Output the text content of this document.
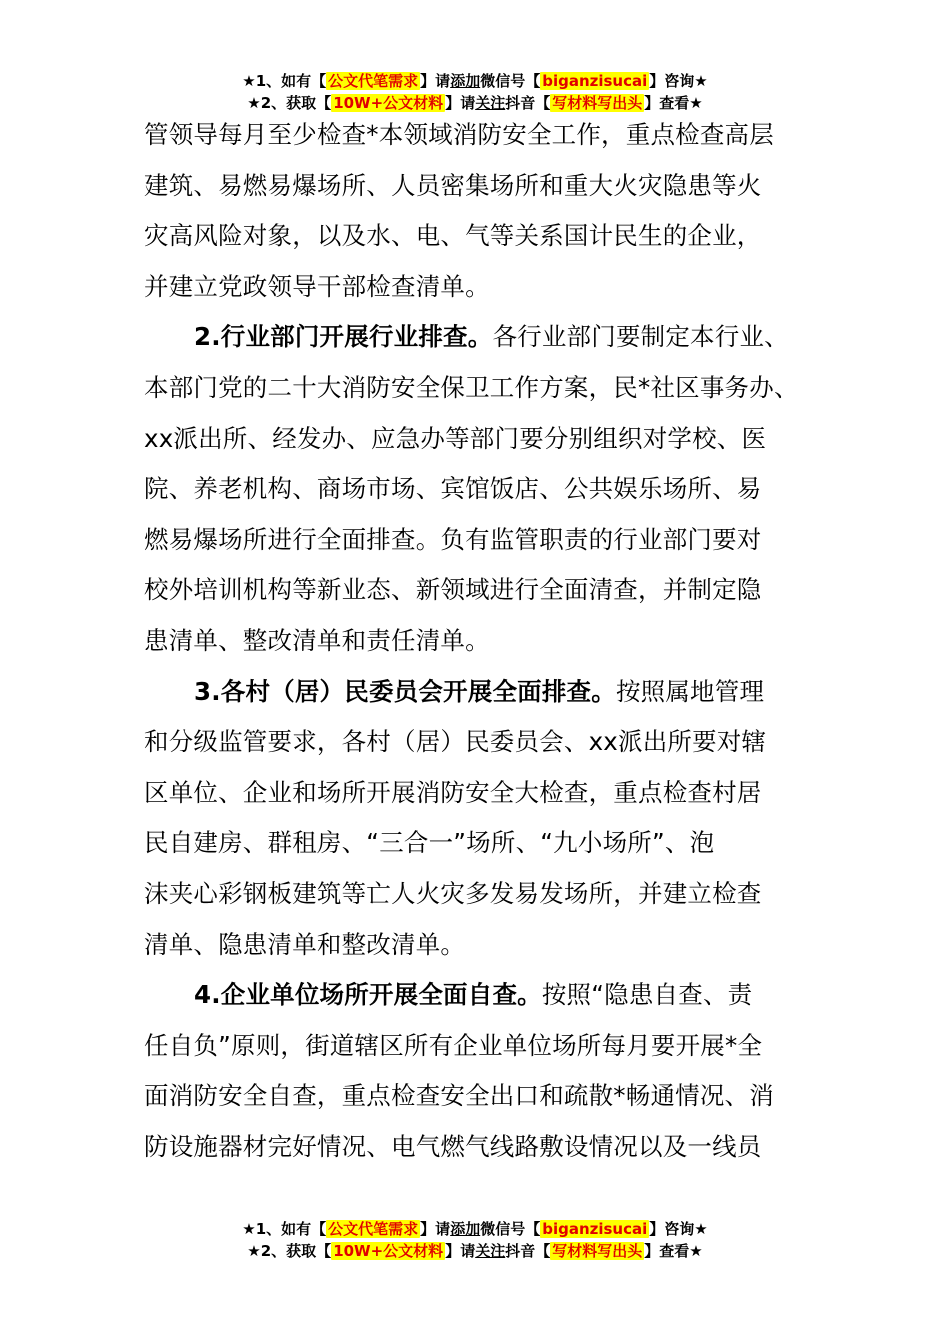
★1、如有【 公文代笔需求 】请添加微信号【 biganzisucai 】咨询★
★2、获取【 10W+公文材料 】请关注抖音【 写材料写出头 】查看★
管领导每月至少检查*本领域消防安全工作，重点检查高层
建筑、易燃易爆场所、人员密集场所和重大火灾隐患等火
灾高风险对象，以及水、电、气等关系国计民生的企业，
并建立党政领导干部检查清单。
2.行业部门开展行业排查。各行业部门要制定本行业、
本部门党的二十大消防安全保卫工作方案，民*社区事务办、
xx派出所、经发办、应急办等部门要分别组织对学校、医
院、养老机构、商场市场、宾馆饭店、公共娱乐场所、易
燃易爆场所进行全面排查。负有监管职责的行业部门要对
校外培训机构等新业态、新领域进行全面清查，并制定隐
患清单、整改清单和责任清单。
3.各村（居）民委员会开展全面排查。按照属地管理
和分级监管要求，各村（居）民委员会、xx派出所要对辖
区单位、企业和场所开展消防安全大检查，重点检查村居
民自建房、群租房、“三合一”场所、“九小场所”、泡
沫夹心彩钢板建筑等亡人火灾多发易发场所，并建立检查
清单、隐患清单和整改清单。
4.企业单位场所开展全面自查。按照“隐患自查、责
任自负”原则，街道辖区所有企业单位场所每月要开展*全
面消防安全自查，重点检查安全出口和疏散*畅通情况、消
防设施器材完好情况、电气燃气线路敷设情况以及一线员
★1、如有【 公文代笔需求 】请添加微信号【 biganzisucai 】咨询★
★2、获取【 10W+公文材料 】请关注抖音【 写材料写出头 】查看★
